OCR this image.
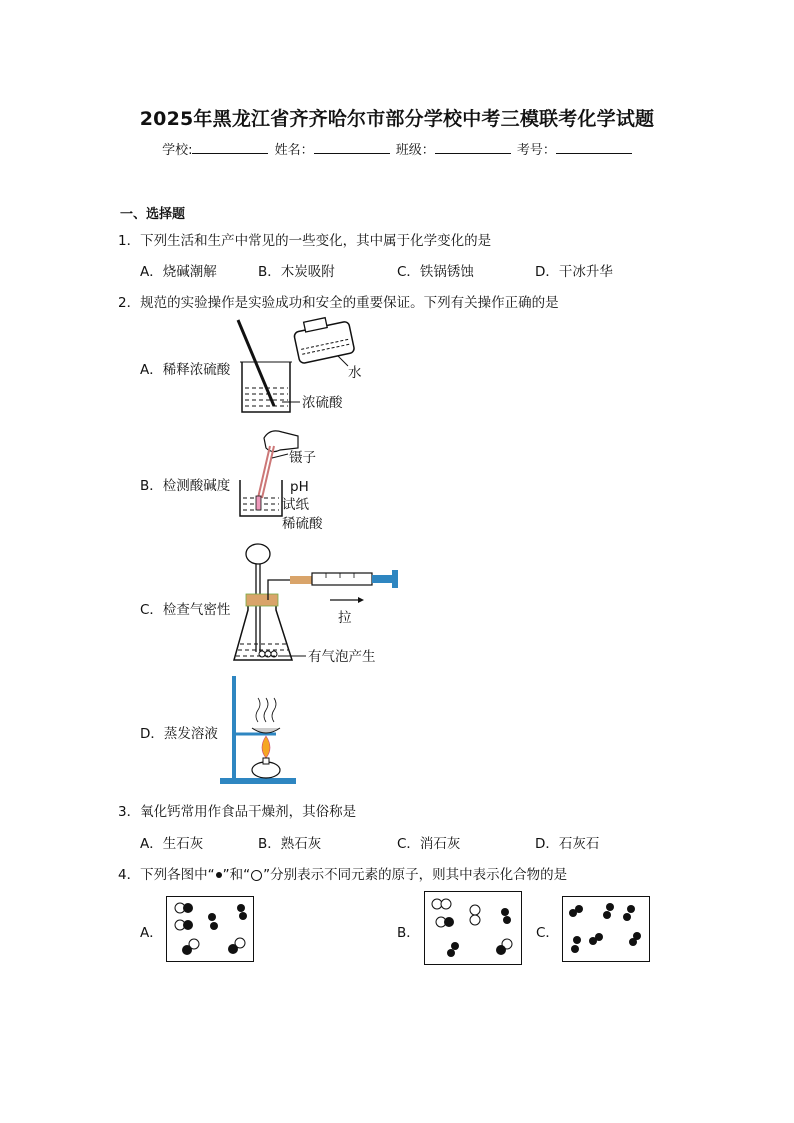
2025年黑龙江省齐齐哈尔市部分学校中考三模联考化学试题
学校:	姓名：	班级：	考号：
一、选择题
1．下列生活和生产中常见的一些变化，其中属于化学变化的是
A．烧碱潮解	B．木炭吸附	C．铁锅锈蚀	D．干冰升华
2．规范的实验操作是实验成功和安全的重要保证。下列有关操作正确的是
A．稀释浓硫酸	水
浓硫酸
B．检测酸碱度
镊子
pH
试纸
稀硫酸
C．检查气密性	拉
有气泡产生
D．蒸发溶液
3．氧化钙常用作食品干燥剂，其俗称是
A．生石灰	B．熟石灰	C．消石灰	D．石灰石
4．下列各图中“ ”和“ ”分别表示不同元素的原子，则其中表示化合物的是
A．	B．	C．
